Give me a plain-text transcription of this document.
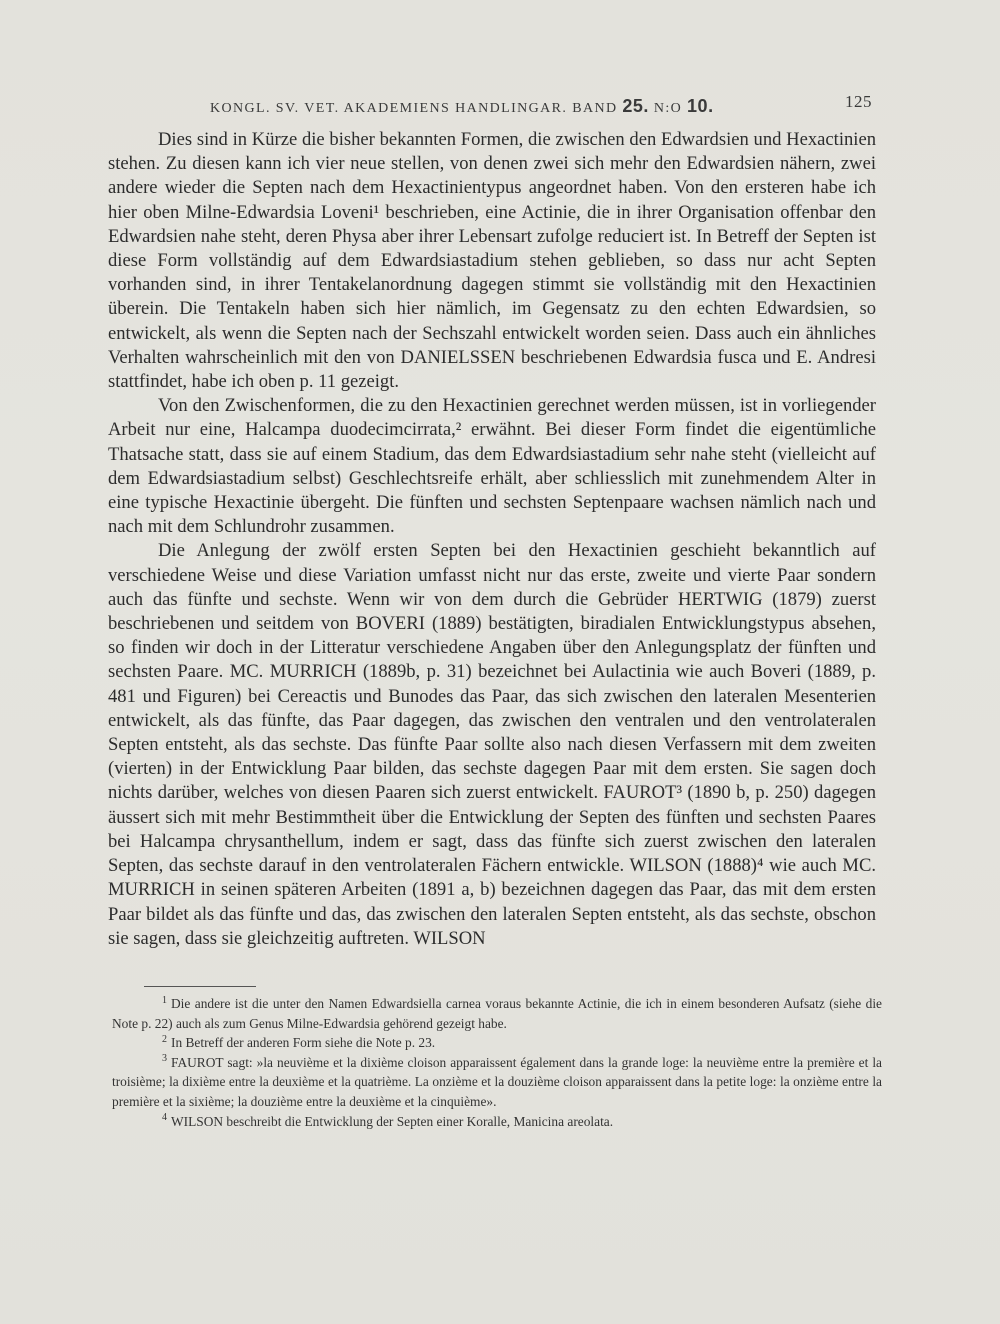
KONGL. SV. VET. AKADEMIENS HANDLINGAR. BAND 25. N:O 10.	125

Dies sind in Kürze die bisher bekannten Formen, die zwischen den Edwardsien und Hexactinien stehen. Zu diesen kann ich vier neue stellen, von denen zwei sich mehr den Edwardsien nähern, zwei andere wieder die Septen nach dem Hexactinientypus angeordnet haben. Von den ersteren habe ich hier oben Milne-Edwardsia Loveni¹ beschrieben, eine Actinie, die in ihrer Organisation offenbar den Edwardsien nahe steht, deren Physa aber ihrer Lebensart zufolge reduciert ist. In Betreff der Septen ist diese Form vollständig auf dem Edwardsiastadium stehen geblieben, so dass nur acht Septen vorhanden sind, in ihrer Tentakelanordnung dagegen stimmt sie vollständig mit den Hexactinien überein. Die Tentakeln haben sich hier nämlich, im Gegensatz zu den echten Edwardsien, so entwickelt, als wenn die Septen nach der Sechszahl entwickelt worden seien. Dass auch ein ähnliches Verhalten wahrscheinlich mit den von DANIELSSEN beschriebenen Edwardsia fusca und E. Andresi stattfindet, habe ich oben p. 11 gezeigt.

Von den Zwischenformen, die zu den Hexactinien gerechnet werden müssen, ist in vorliegender Arbeit nur eine, Halcampa duodecimcirrata,² erwähnt. Bei dieser Form findet die eigentümliche Thatsache statt, dass sie auf einem Stadium, das dem Edwardsiastadium sehr nahe steht (vielleicht auf dem Edwardsiastadium selbst) Geschlechtsreife erhält, aber schliesslich mit zunehmendem Alter in eine typische Hexactinie übergeht. Die fünften und sechsten Septenpaare wachsen nämlich nach und nach mit dem Schlundrohr zusammen.

Die Anlegung der zwölf ersten Septen bei den Hexactinien geschieht bekanntlich auf verschiedene Weise und diese Variation umfasst nicht nur das erste, zweite und vierte Paar sondern auch das fünfte und sechste. Wenn wir von dem durch die Gebrüder HERTWIG (1879) zuerst beschriebenen und seitdem von BOVERI (1889) bestätigten, biradialen Entwicklungstypus absehen, so finden wir doch in der Litteratur verschiedene Angaben über den Anlegungsplatz der fünften und sechsten Paare. MC. MURRICH (1889b, p. 31) bezeichnet bei Aulactinia wie auch Boveri (1889, p. 481 und Figuren) bei Cereactis und Bunodes das Paar, das sich zwischen den lateralen Mesenterien entwickelt, als das fünfte, das Paar dagegen, das zwischen den ventralen und den ventrolateralen Septen entsteht, als das sechste. Das fünfte Paar sollte also nach diesen Verfassern mit dem zweiten (vierten) in der Entwicklung Paar bilden, das sechste dagegen Paar mit dem ersten. Sie sagen doch nichts darüber, welches von diesen Paaren sich zuerst entwickelt. FAUROT³ (1890 b, p. 250) dagegen äussert sich mit mehr Bestimmtheit über die Entwicklung der Septen des fünften und sechsten Paares bei Halcampa chrysanthellum, indem er sagt, dass das fünfte sich zuerst zwischen den lateralen Septen, das sechste darauf in den ventrolateralen Fächern entwickle. WILSON (1888)⁴ wie auch MC. MURRICH in seinen späteren Arbeiten (1891 a, b) bezeichnen dagegen das Paar, das mit dem ersten Paar bildet als das fünfte und das, das zwischen den lateralen Septen entsteht, als das sechste, obschon sie sagen, dass sie gleichzeitig auftreten. WILSON

$^1$ Die andere ist die unter den Namen Edwardsiella carnea voraus bekannte Actinie, die ich in einem besonderen Aufsatz (siehe die Note p. 22) auch als zum Genus Milne-Edwardsia gehörend gezeigt habe.

$^2$ In Betreff der anderen Form siehe die Note p. 23.

$^3$ FAUROT sagt: »la neuvième et la dixième cloison apparaissent également dans la grande loge: la neuvième entre la première et la troisième; la dixième entre la deuxième et la quatrième. La onzième et la douzième cloison apparaissent dans la petite loge: la onzième entre la première et la sixième; la douzième entre la deuxième et la cinquième».

$^4$ WILSON beschreibt die Entwicklung der Septen einer Koralle, Manicina areolata.
